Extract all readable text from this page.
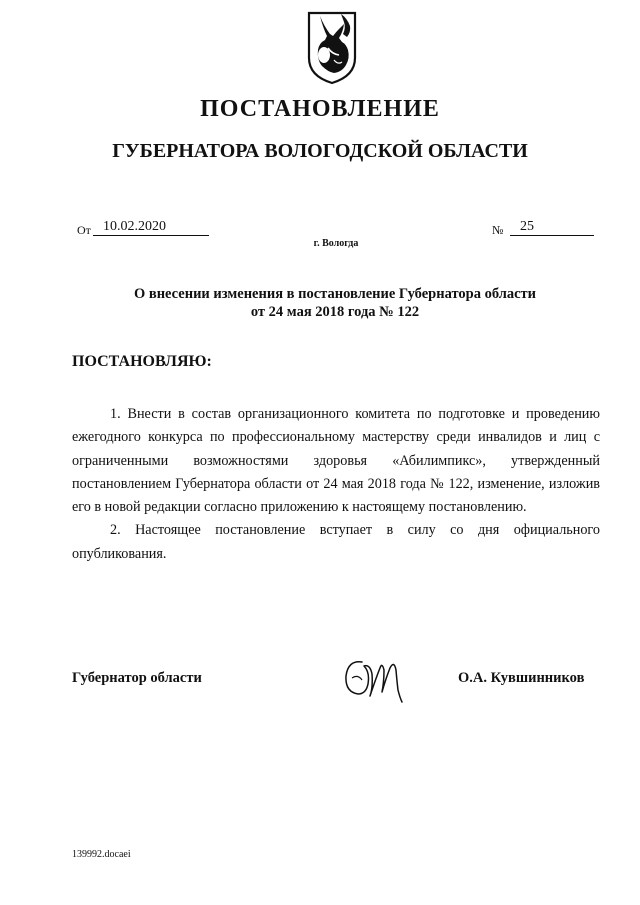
ПОСТАНОВЛЕНИЕ
ГУБЕРНАТОРА ВОЛОГОДСКОЙ ОБЛАСТИ
От 10.02.2020	№	25
г. Вологда
О внесении изменения в постановление Губернатора области
от 24 мая 2018 года № 122
ПОСТАНОВЛЯЮ:

1. Внести в состав организационного комитета по подготовке и проведению ежегодного конкурса по профессиональному мастерству среди инвалидов и лиц с ограниченными возможностями здоровья «Абилимпикс», утвержденный постановлением Губернатора области от 24 мая 2018 года № 122, изменение, изложив его в новой редакции согласно приложению к настоящему постановлению.

2. Настоящее постановление вступает в силу со дня официального опубликования.

Губернатор области	О.А. Кувшинников
139992.docaei
